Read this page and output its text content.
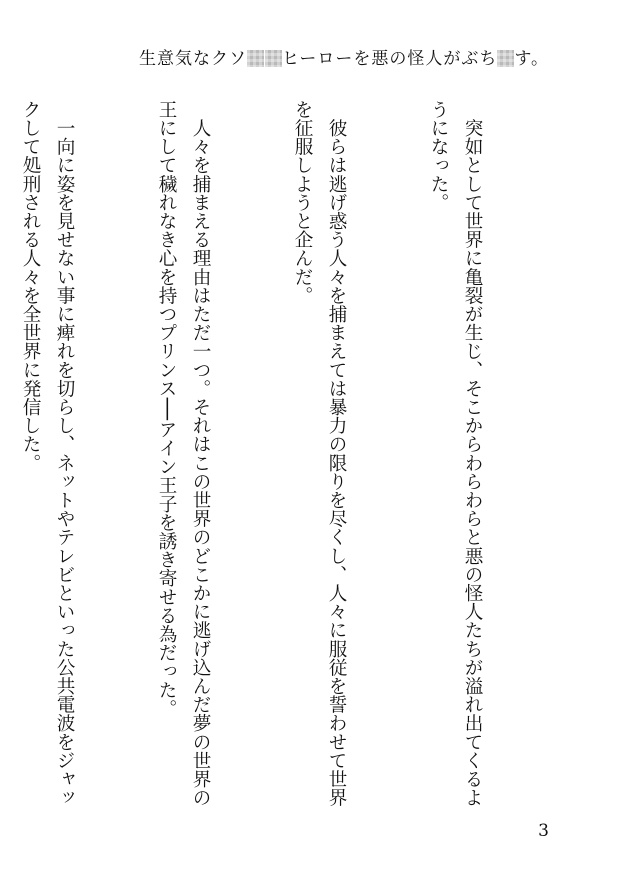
生意気なクソ ヒーローを悪の怪人がぶち す。

　突如として世界に亀裂が生じ、そこからわらわらと悪の怪人たちが溢れ出てくるようになった。

　彼らは逃げ惑う人々を捕まえては暴力の限りを尽くし、人々に服従を誓わせて世界を征服しようと企んだ。

　人々を捕まえる理由はただ一つ。それはこの世界のどこかに逃げ込んだ夢の世界の王にして穢れなき心を持つプリンス──アイン王子を誘き寄せる為だった。

　一向に姿を見せない事に痺れを切らし、ネットやテレビといった公共電波をジャックして処刑される人々を全世界に発信した。

3
